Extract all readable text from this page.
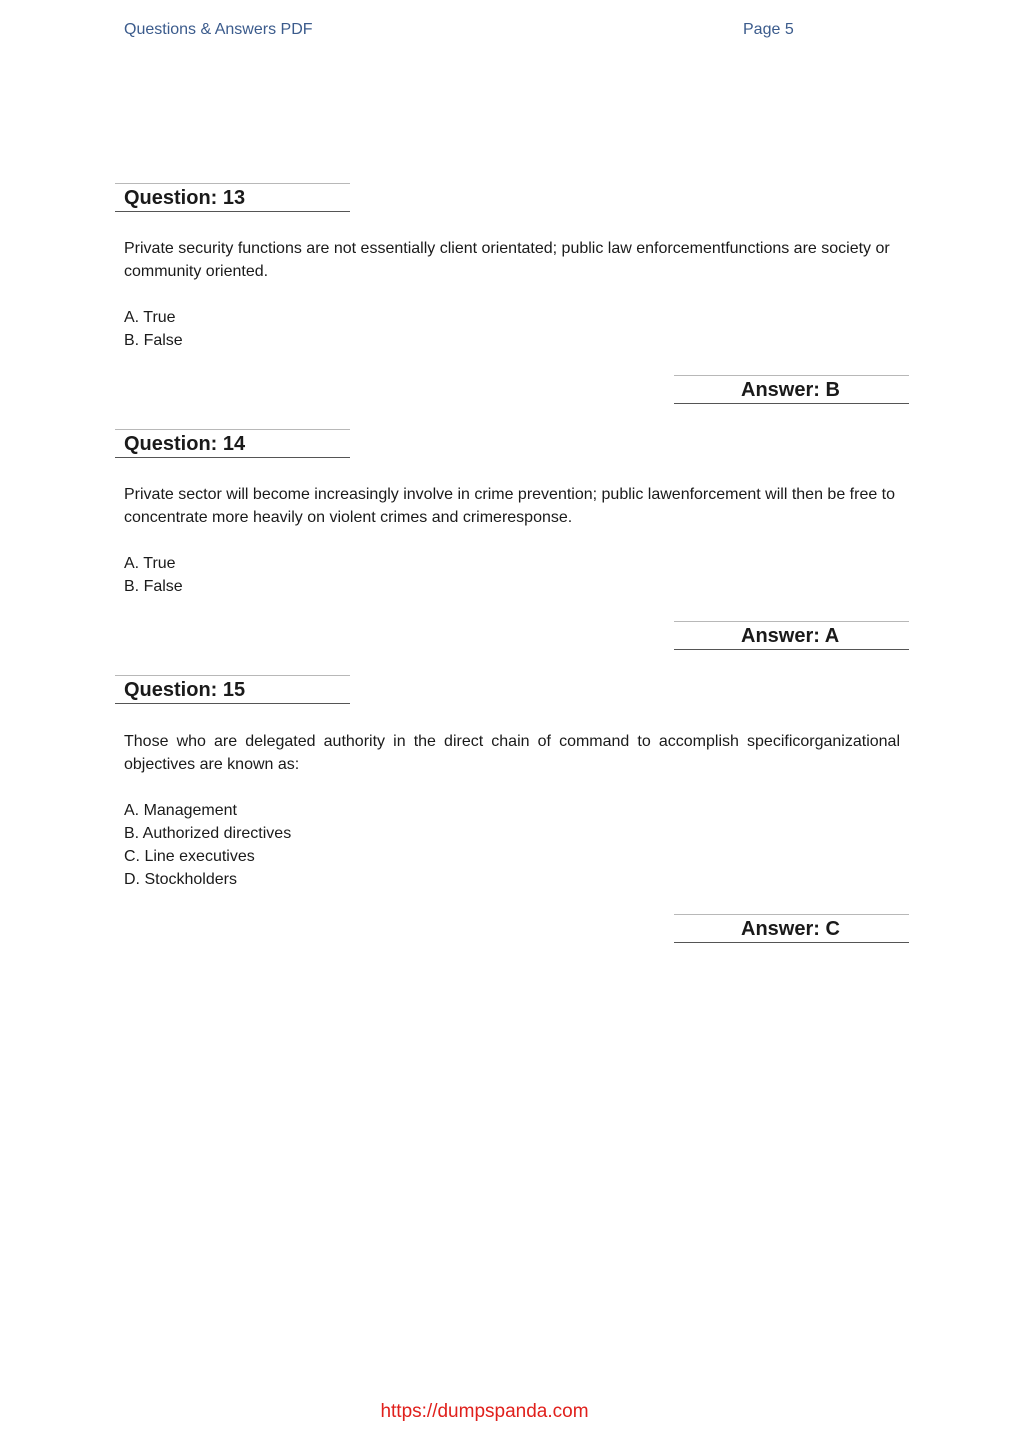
Questions & Answers PDF	Page 5
Question: 13
Private security functions are not essentially client orientated; public law enforcementfunctions are society or community oriented.
A. True
B. False
Answer: B
Question: 14
Private sector will become increasingly involve in crime prevention; public lawenforcement will then be free to concentrate more heavily on violent crimes and crimeresponse.
A. True
B. False
Answer: A
Question: 15
Those who are delegated authority in the direct chain of command to accomplish specificorganizational objectives are known as:
A. Management
B. Authorized directives
C. Line executives
D. Stockholders
Answer: C
https://dumpspanda.com
